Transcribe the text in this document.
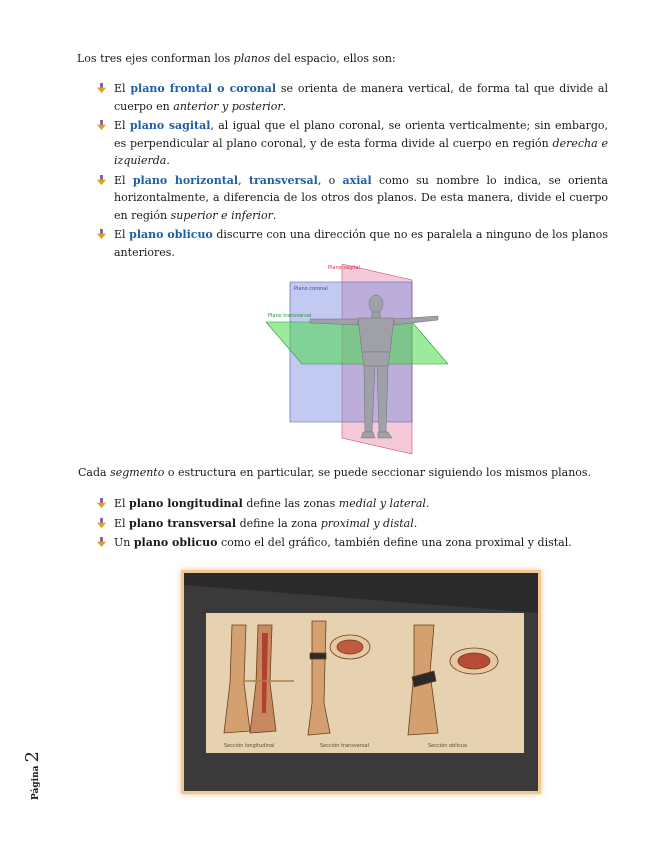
Los tres ejes conforman los planos del espacio, ellos son:

El plano frontal o coronal se orienta de manera vertical, de forma tal que divide al cuerpo en anterior y posterior.
El plano sagital, al igual que el plano coronal, se orienta verticalmente; sin embargo, es perpendicular al plano coronal, y de esta forma divide al cuerpo en región derecha e izquierda.
El plano horizontal, transversal, o axial como su nombre lo indica, se orienta horizontalmente, a diferencia de los otros dos planos. De esta manera, divide el cuerpo en región superior e inferior.
El plano oblicuo discurre con una dirección que no es paralela a ninguno de los planos anteriores.
Plano sagital
Plano coronal
Plano transversal

Cada segmento o estructura en particular, se puede seccionar siguiendo los mismos planos.

El plano longitudinal define las zonas medial y lateral.
El plano transversal define la zona proximal y distal.
Un plano oblicuo como el del gráfico, también define una zona proximal y distal.
Sección longitudinal	Sección transversal	Sección oblicua
Página2
